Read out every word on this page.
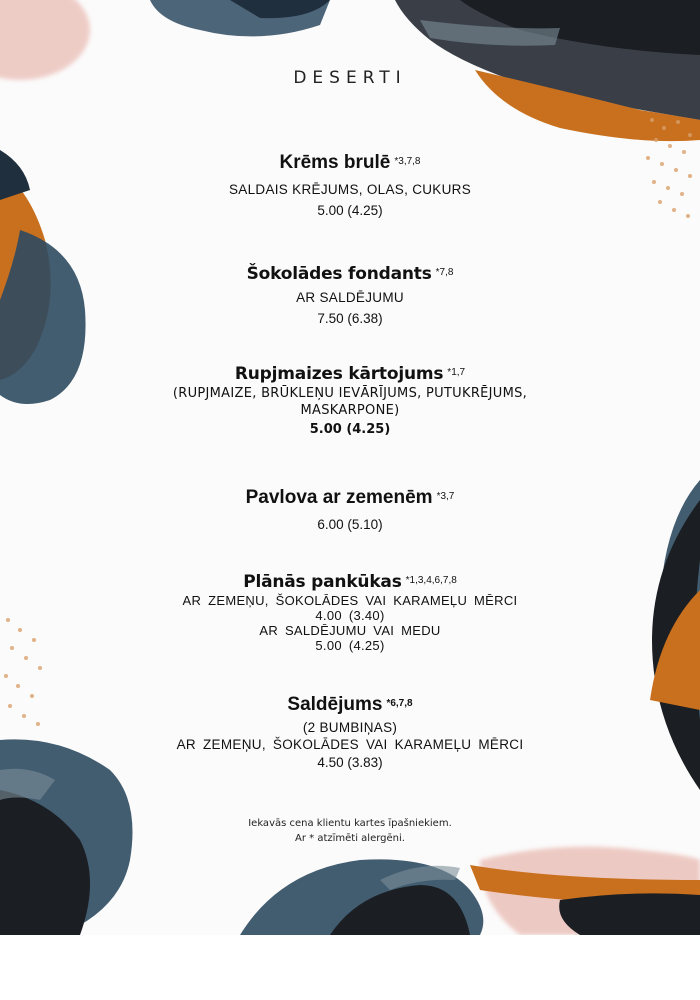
DESERTI
Krēms brulē $^{*3,7,8}$
SALDAIS KRĒJUMS, OLAS, CUKURS
5.00 (4.25)
Šokolādes fondants $^{*7,8}$
AR SALDĒJUMU
7.50 (6.38)
Rupjmaizes kārtojums $^{*1,7}$
(RUPJMAIZE, BRŪKLEŅU IEVĀRĪJUMS, PUTUKRĒJUMS,
MASKARPONE)
5.00 (4.25)
Pavlova ar zemenēm $^{*3,7}$
6.00 (5.10)
Plānās pankūkas $^{*1,3,4,6,7,8}$
AR ZEMEŅU, ŠOKOLĀDES VAI KARAMEĻU MĒRCI
4.00 (3.40)
AR SALDĒJUMU VAI MEDU
5.00 (4.25)
Saldējums $^{*6,7,8}$
(2 BUMBIŅAS)
AR ZEMEŅU, ŠOKOLĀDES VAI KARAMEĻU MĒRCI
4.50 (3.83)
Iekavās cena klientu kartes īpašniekiem.
Ar * atzīmēti alergēni.
